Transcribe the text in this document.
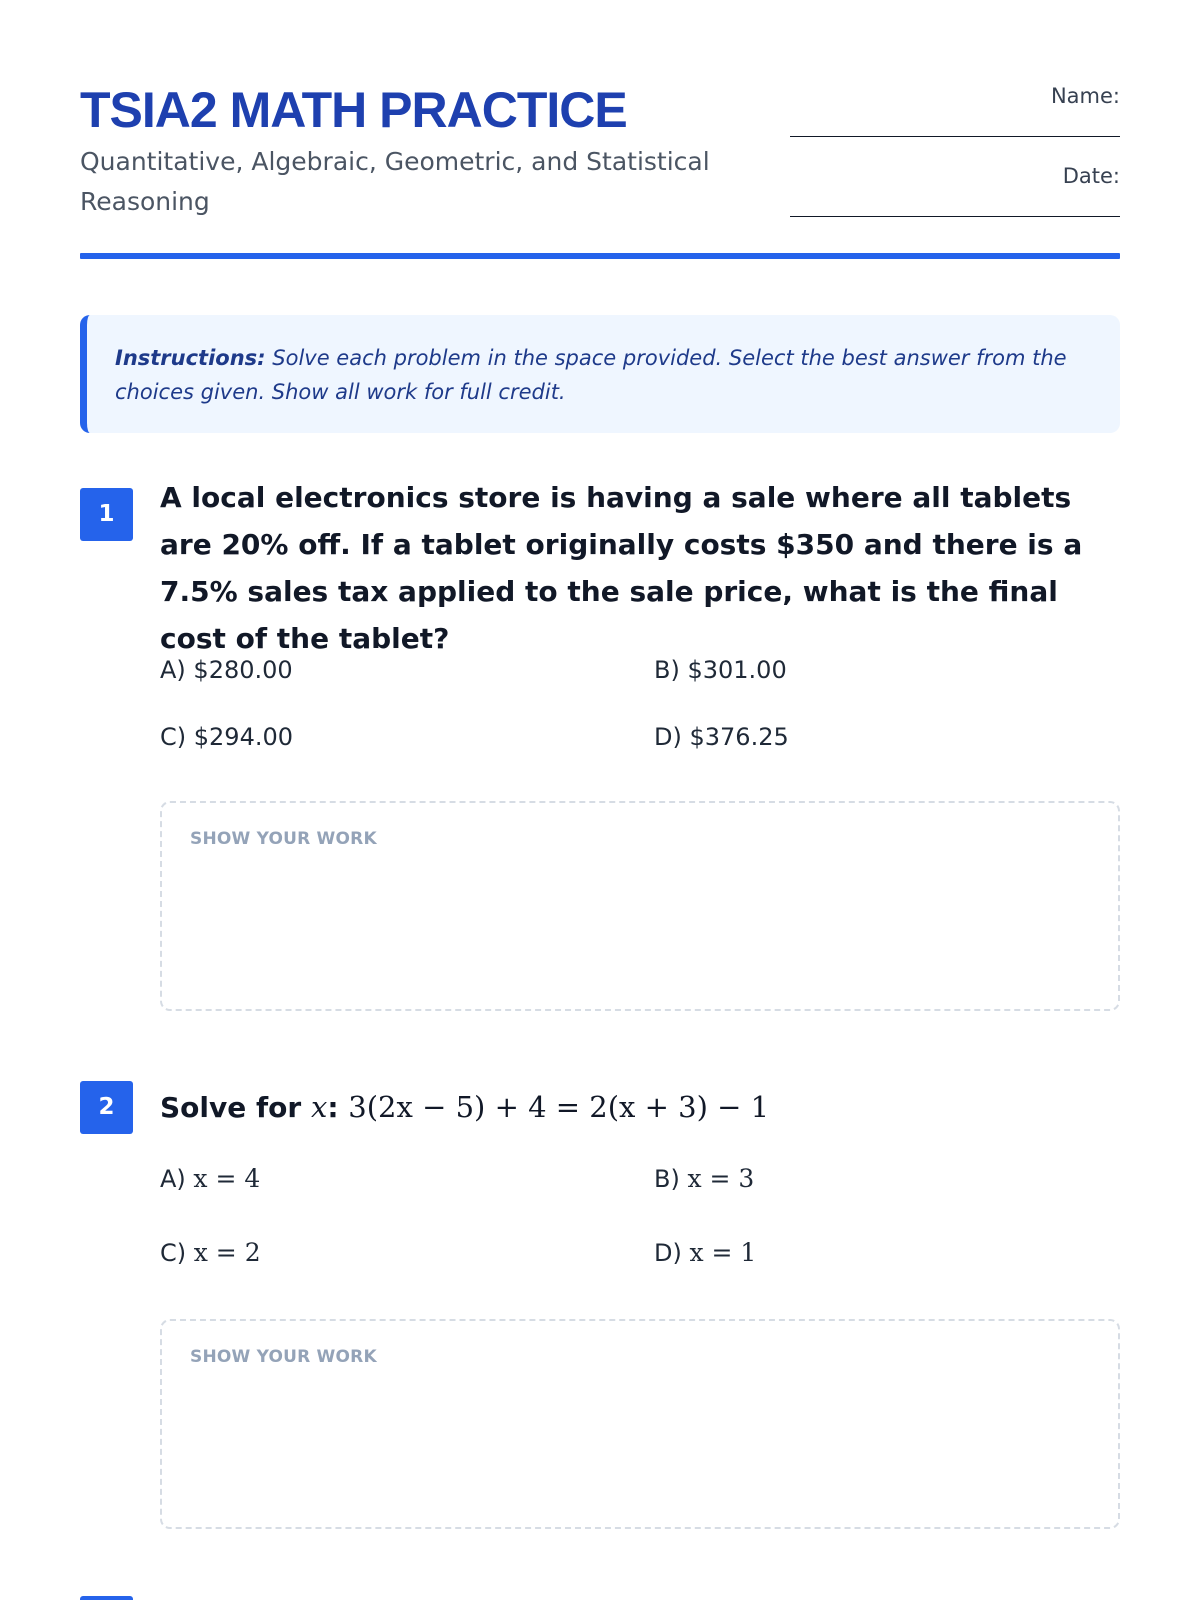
TSIA2 MATH PRACTICE
Quantitative, Algebraic, Geometric, and Statistical Reasoning
Name:
Date:
Instructions: Solve each problem in the space provided. Select the best answer from the choices given. Show all work for full credit.
1	A local electronics store is having a sale where all tablets are 20% off. If a tablet originally costs $350 and there is a 7.5% sales tax applied to the sale price, what is the final cost of the tablet?
A) $280.00	B) $301.00
C) $294.00	D) $376.25
SHOW YOUR WORK
2	Solve for x: 3(2x − 5) + 4 = 2(x + 3) − 1
A) x = 4	B) x = 3
C) x = 2	D) x = 1
SHOW YOUR WORK
